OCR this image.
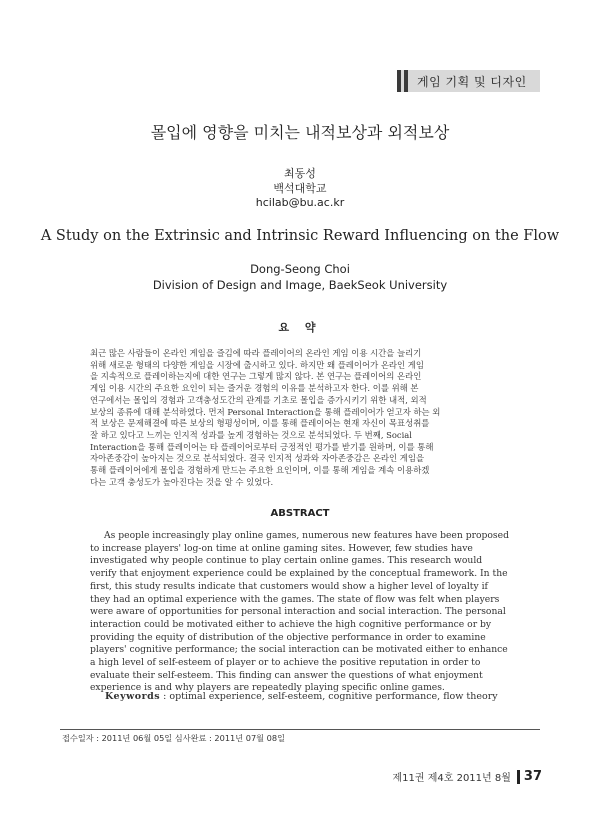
게임 기획 및 디자인
몰입에 영향을 미치는 내적보상과 외적보상
최동성
백석대학교
hcilab@bu.ac.kr
A Study on the Extrinsic and Intrinsic Reward Influencing on the Flow
Dong-Seong Choi
Division of Design and Image, BaekSeok University
요 약
최근 많은 사람들이 온라인 게임을 즐김에 따라 플레이어의 온라인 게임 이용 시간을 늘리기
위해 새로운 형태의 다양한 게임을 시장에 출시하고 있다. 하지만 왜 플레이어가 온라인 게임
을 지속적으로 플레이하는지에 대한 연구는 그렇게 많지 않다. 본 연구는 플레이어의 온라인
게임 이용 시간의 주요한 요인이 되는 즐거운 경험의 이유를 분석하고자 한다. 이를 위해 본
연구에서는 몰입의 경험과 고객충성도간의 관계를 기초로 몰입을 증가시키기 위한 내적, 외적
보상의 종류에 대해 분석하였다. 먼저 Personal Interaction을 통해 플레이어가 얻고자 하는 외
적 보상은 문제해결에 따른 보상의 형평성이며, 이를 통해 플레이어는 현재 자신이 목표성취를
잘 하고 있다고 느끼는 인지적 성과를 높게 경험하는 것으로 분석되었다. 두 번째, Social
Interaction을 통해 플레이어는 타 플레이어로부터 긍정적인 평가를 받기를 원하며, 이를 통해
자아존중감이 높아지는 것으로 분석되었다. 결국 인지적 성과와 자아존중감은 온라인 게임을
통해 플레이어에게 몰입을 경험하게 만드는 주요한 요인이며, 이를 통해 게임을 계속 이용하겠
다는 고객 충성도가 높아진다는 것을 알 수 있었다.
ABSTRACT
As people increasingly play online games, numerous new features have been proposed
to increase players' log-on time at online gaming sites. However, few studies have
investigated why people continue to play certain online games. This research would
verify that enjoyment experience could be explained by the conceptual framework. In the
first, this study results indicate that customers would show a higher level of loyalty if
they had an optimal experience with the games. The state of flow was felt when players
were aware of opportunities for personal interaction and social interaction. The personal
interaction could be motivated either to achieve the high cognitive performance or by
providing the equity of distribution of the objective performance in order to examine
players' cognitive performance; the social interaction can be motivated either to enhance
a high level of self-esteem of player or to achieve the positive reputation in order to
evaluate their self-esteem. This finding can answer the questions of what enjoyment
experience is and why players are repeatedly playing specific online games.
Keywords : optimal experience, self-esteem, cognitive performance, flow theory
접수일자 : 2011년 06월 05일 심사완료 : 2011년 07월 08일
제11권 제4호 2011년 8월 37
